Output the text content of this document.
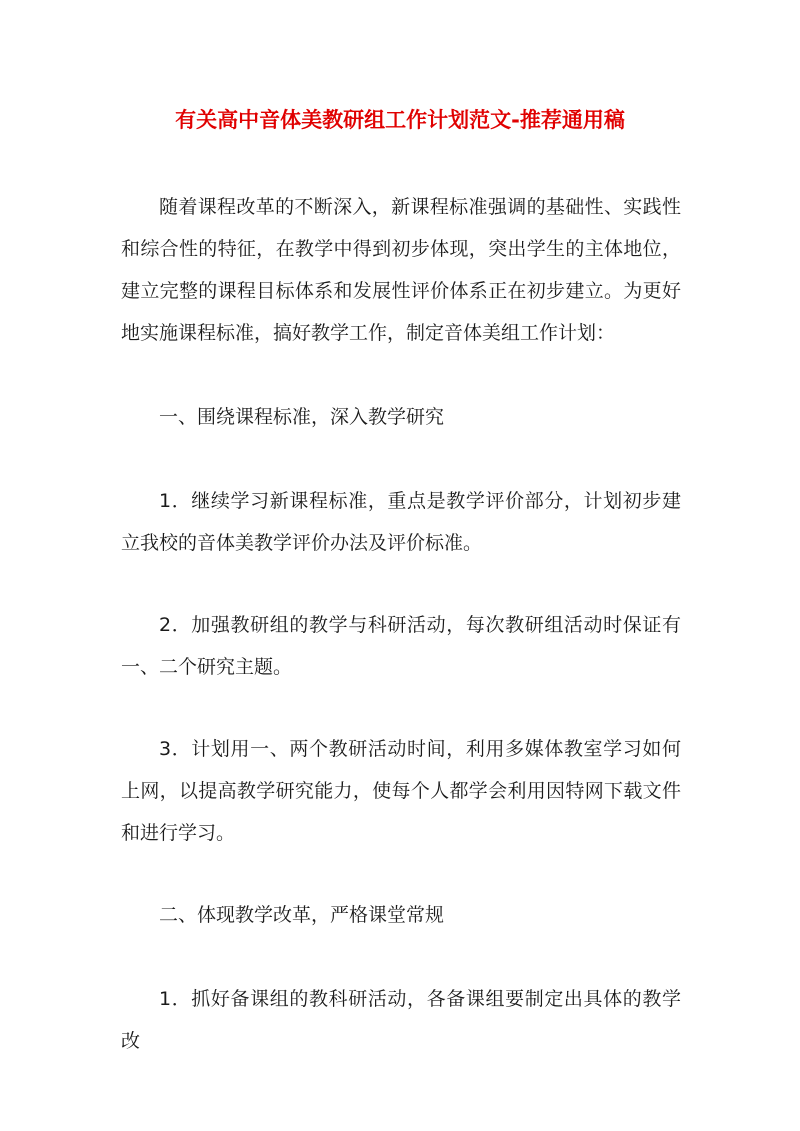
有关高中音体美教研组工作计划范文-推荐通用稿

随着课程改革的不断深入，新课程标准强调的基础性、实践性和综合性的特征，在教学中得到初步体现，突出学生的主体地位，建立完整的课程目标体系和发展性评价体系正在初步建立。为更好地实施课程标准，搞好教学工作，制定音体美组工作计划：

一、围绕课程标准，深入教学研究

1．继续学习新课程标准，重点是教学评价部分，计划初步建立我校的音体美教学评价办法及评价标准。

2．加强教研组的教学与科研活动，每次教研组活动时保证有一、二个研究主题。

3．计划用一、两个教研活动时间，利用多媒体教室学习如何上网，以提高教学研究能力，使每个人都学会利用因特网下载文件和进行学习。

二、体现教学改革，严格课堂常规

1．抓好备课组的教科研活动，各备课组要制定出具体的教学改
